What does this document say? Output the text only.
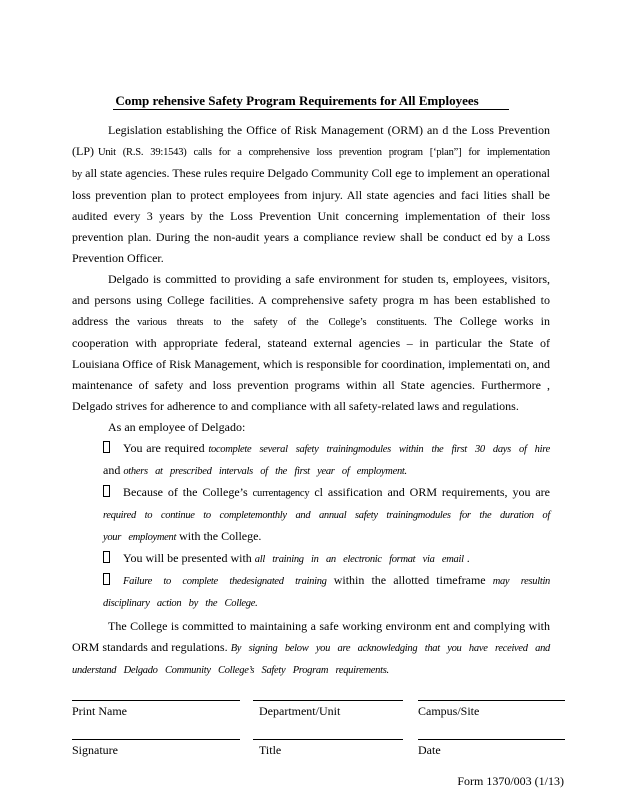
Comp rehensive Safety Program Requirements for All Employees

Legislation establishing the Office of Risk Management (ORM) an d the Loss Prevention (LP) Unit (R.S. 39:1543) calls for a comprehensive loss prevention program [‘plan”] for implementation by all state agencies. These rules require Delgado Community Coll ege to implement an operational loss prevention plan to protect employees from injury. All state agencies and faci lities shall be audited every 3 years by the Loss Prevention Unit concerning implementation of their loss prevention plan. During the non-audit years a compliance review shall be conduct ed by a Loss Prevention Officer.

Delgado is committed to providing a safe environment for studen ts, employees, visitors, and persons using College facilities. A comprehensive safety progra m has been established to address the various threats to the safety of the College’s constituents. The College works in cooperation with appropriate federal, stateand external agencies – in particular the State of Louisiana Office of Risk Management, which is responsible for coordination, implementati on, and maintenance of safety and loss prevention programs within all State agencies. Furthermore , Delgado strives for adherence to and compliance with all safety-related laws and regulations.

As an employee of Delgado:

You are required tocomplete several safety trainingmodules within the first 30 days of hire and others at prescribed intervals of the first year of employment.
Because of the College’s currentagency cl assification and ORM requirements, you are required to continue to completemonthly and annual safety trainingmodules for the duration of your employment with the College.
You will be presented with all training in an electronic format via email .
Failure to complete thedesignated training within the allotted timeframe may resultin disciplinary action by the College.

The College is committed to maintaining a safe working environm ent and complying with ORM standards and regulations. By signing below you are acknowledging that you have received and understand Delgado Community College’s Safety Program requirements.

Print Name	Department/Unit	Campus/Site
Signature	Title	Date
Form 1370/003 (1/13)
